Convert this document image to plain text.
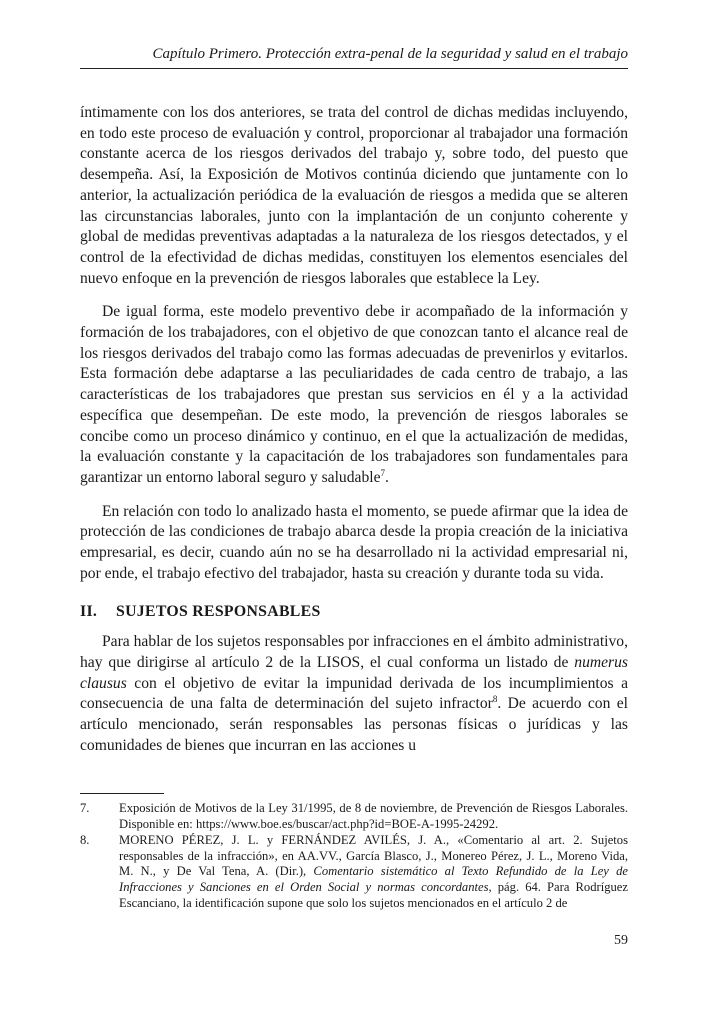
Capítulo Primero. Protección extra-penal de la seguridad y salud en el trabajo

íntimamente con los dos anteriores, se trata del control de dichas medidas incluyendo, en todo este proceso de evaluación y control, proporcionar al trabajador una formación constante acerca de los riesgos derivados del trabajo y, sobre todo, del puesto que desempeña. Así, la Exposición de Motivos continúa diciendo que juntamente con lo anterior, la actualización periódica de la evaluación de riesgos a medida que se alteren las circunstancias laborales, junto con la implantación de un conjunto coherente y global de medidas preventivas adaptadas a la naturaleza de los riesgos detectados, y el control de la efectividad de dichas medidas, constituyen los elementos esenciales del nuevo enfoque en la prevención de riesgos laborales que establece la Ley.

De igual forma, este modelo preventivo debe ir acompañado de la información y formación de los trabajadores, con el objetivo de que conozcan tanto el alcance real de los riesgos derivados del trabajo como las formas adecuadas de prevenirlos y evitarlos. Esta formación debe adaptarse a las peculiaridades de cada centro de trabajo, a las características de los trabajadores que prestan sus servicios en él y a la actividad específica que desempeñan. De este modo, la prevención de riesgos laborales se concibe como un proceso dinámico y continuo, en el que la actualización de medidas, la evaluación constante y la capacitación de los trabajadores son fundamentales para garantizar un entorno laboral seguro y saludable$^7$.

En relación con todo lo analizado hasta el momento, se puede afirmar que la idea de protección de las condiciones de trabajo abarca desde la propia creación de la iniciativa empresarial, es decir, cuando aún no se ha desarrollado ni la actividad empresarial ni, por ende, el trabajo efectivo del trabajador, hasta su creación y durante toda su vida.

II. SUJETOS RESPONSABLES

Para hablar de los sujetos responsables por infracciones en el ámbito administrativo, hay que dirigirse al artículo 2 de la LISOS, el cual conforma un listado de numerus clausus con el objetivo de evitar la impunidad derivada de los incumplimientos a consecuencia de una falta de determinación del sujeto infractor$^8$. De acuerdo con el artículo mencionado, serán responsables las personas físicas o jurídicas y las comunidades de bienes que incurran en las acciones u

7.	Exposición de Motivos de la Ley 31/1995, de 8 de noviembre, de Prevención de Riesgos Laborales. Disponible en: https://www.boe.es/buscar/act.php?id=BOE-A-1995-24292.
8.	MORENO PÉREZ, J. L. y FERNÁNDEZ AVILÉS, J. A., «Comentario al art. 2. Sujetos responsables de la infracción», en AA.VV., García Blasco, J., Monereo Pérez, J. L., Moreno Vida, M. N., y De Val Tena, A. (Dir.), Comentario sistemático al Texto Refundido de la Ley de Infracciones y Sanciones en el Orden Social y normas concordantes, pág. 64. Para Rodríguez Escanciano, la identificación supone que solo los sujetos mencionados en el artículo 2 de
59
